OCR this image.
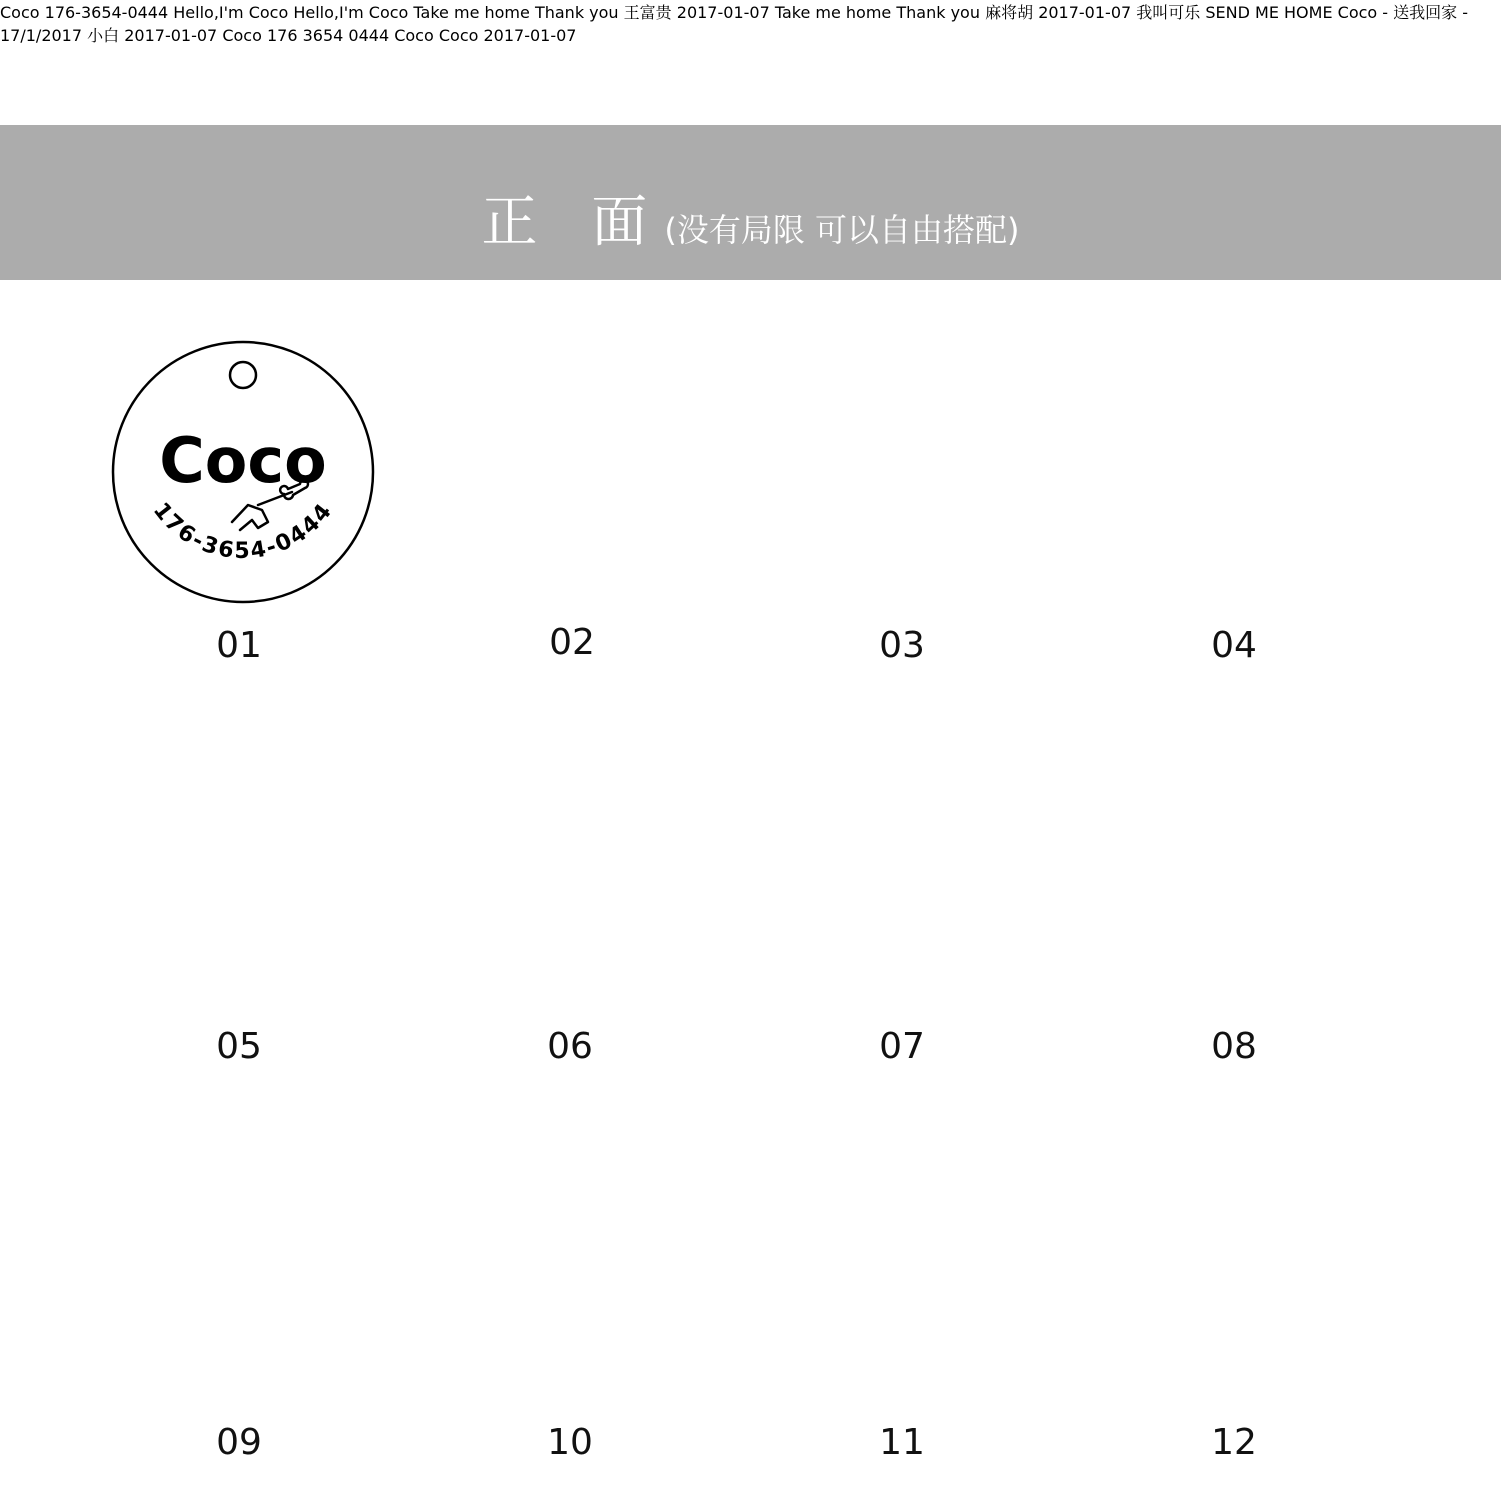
正 面 (没有局限 可以自由搭配)
Coco
176-3654-0444
Coco 176-3654-0444 Hello,I'm Coco Hello,I'm Coco Take me home Thank you 王富贵 2017-01-07 Take me home Thank you 麻将胡 2017-01-07 我叫可乐 SEND ME HOME Coco - 送我回家 - 17/1/2017 小白 2017-01-07 Coco 176 3654 0444 Coco Coco 2017-01-07
01	02	03	04
05	06	07	08
09	10	11	12
